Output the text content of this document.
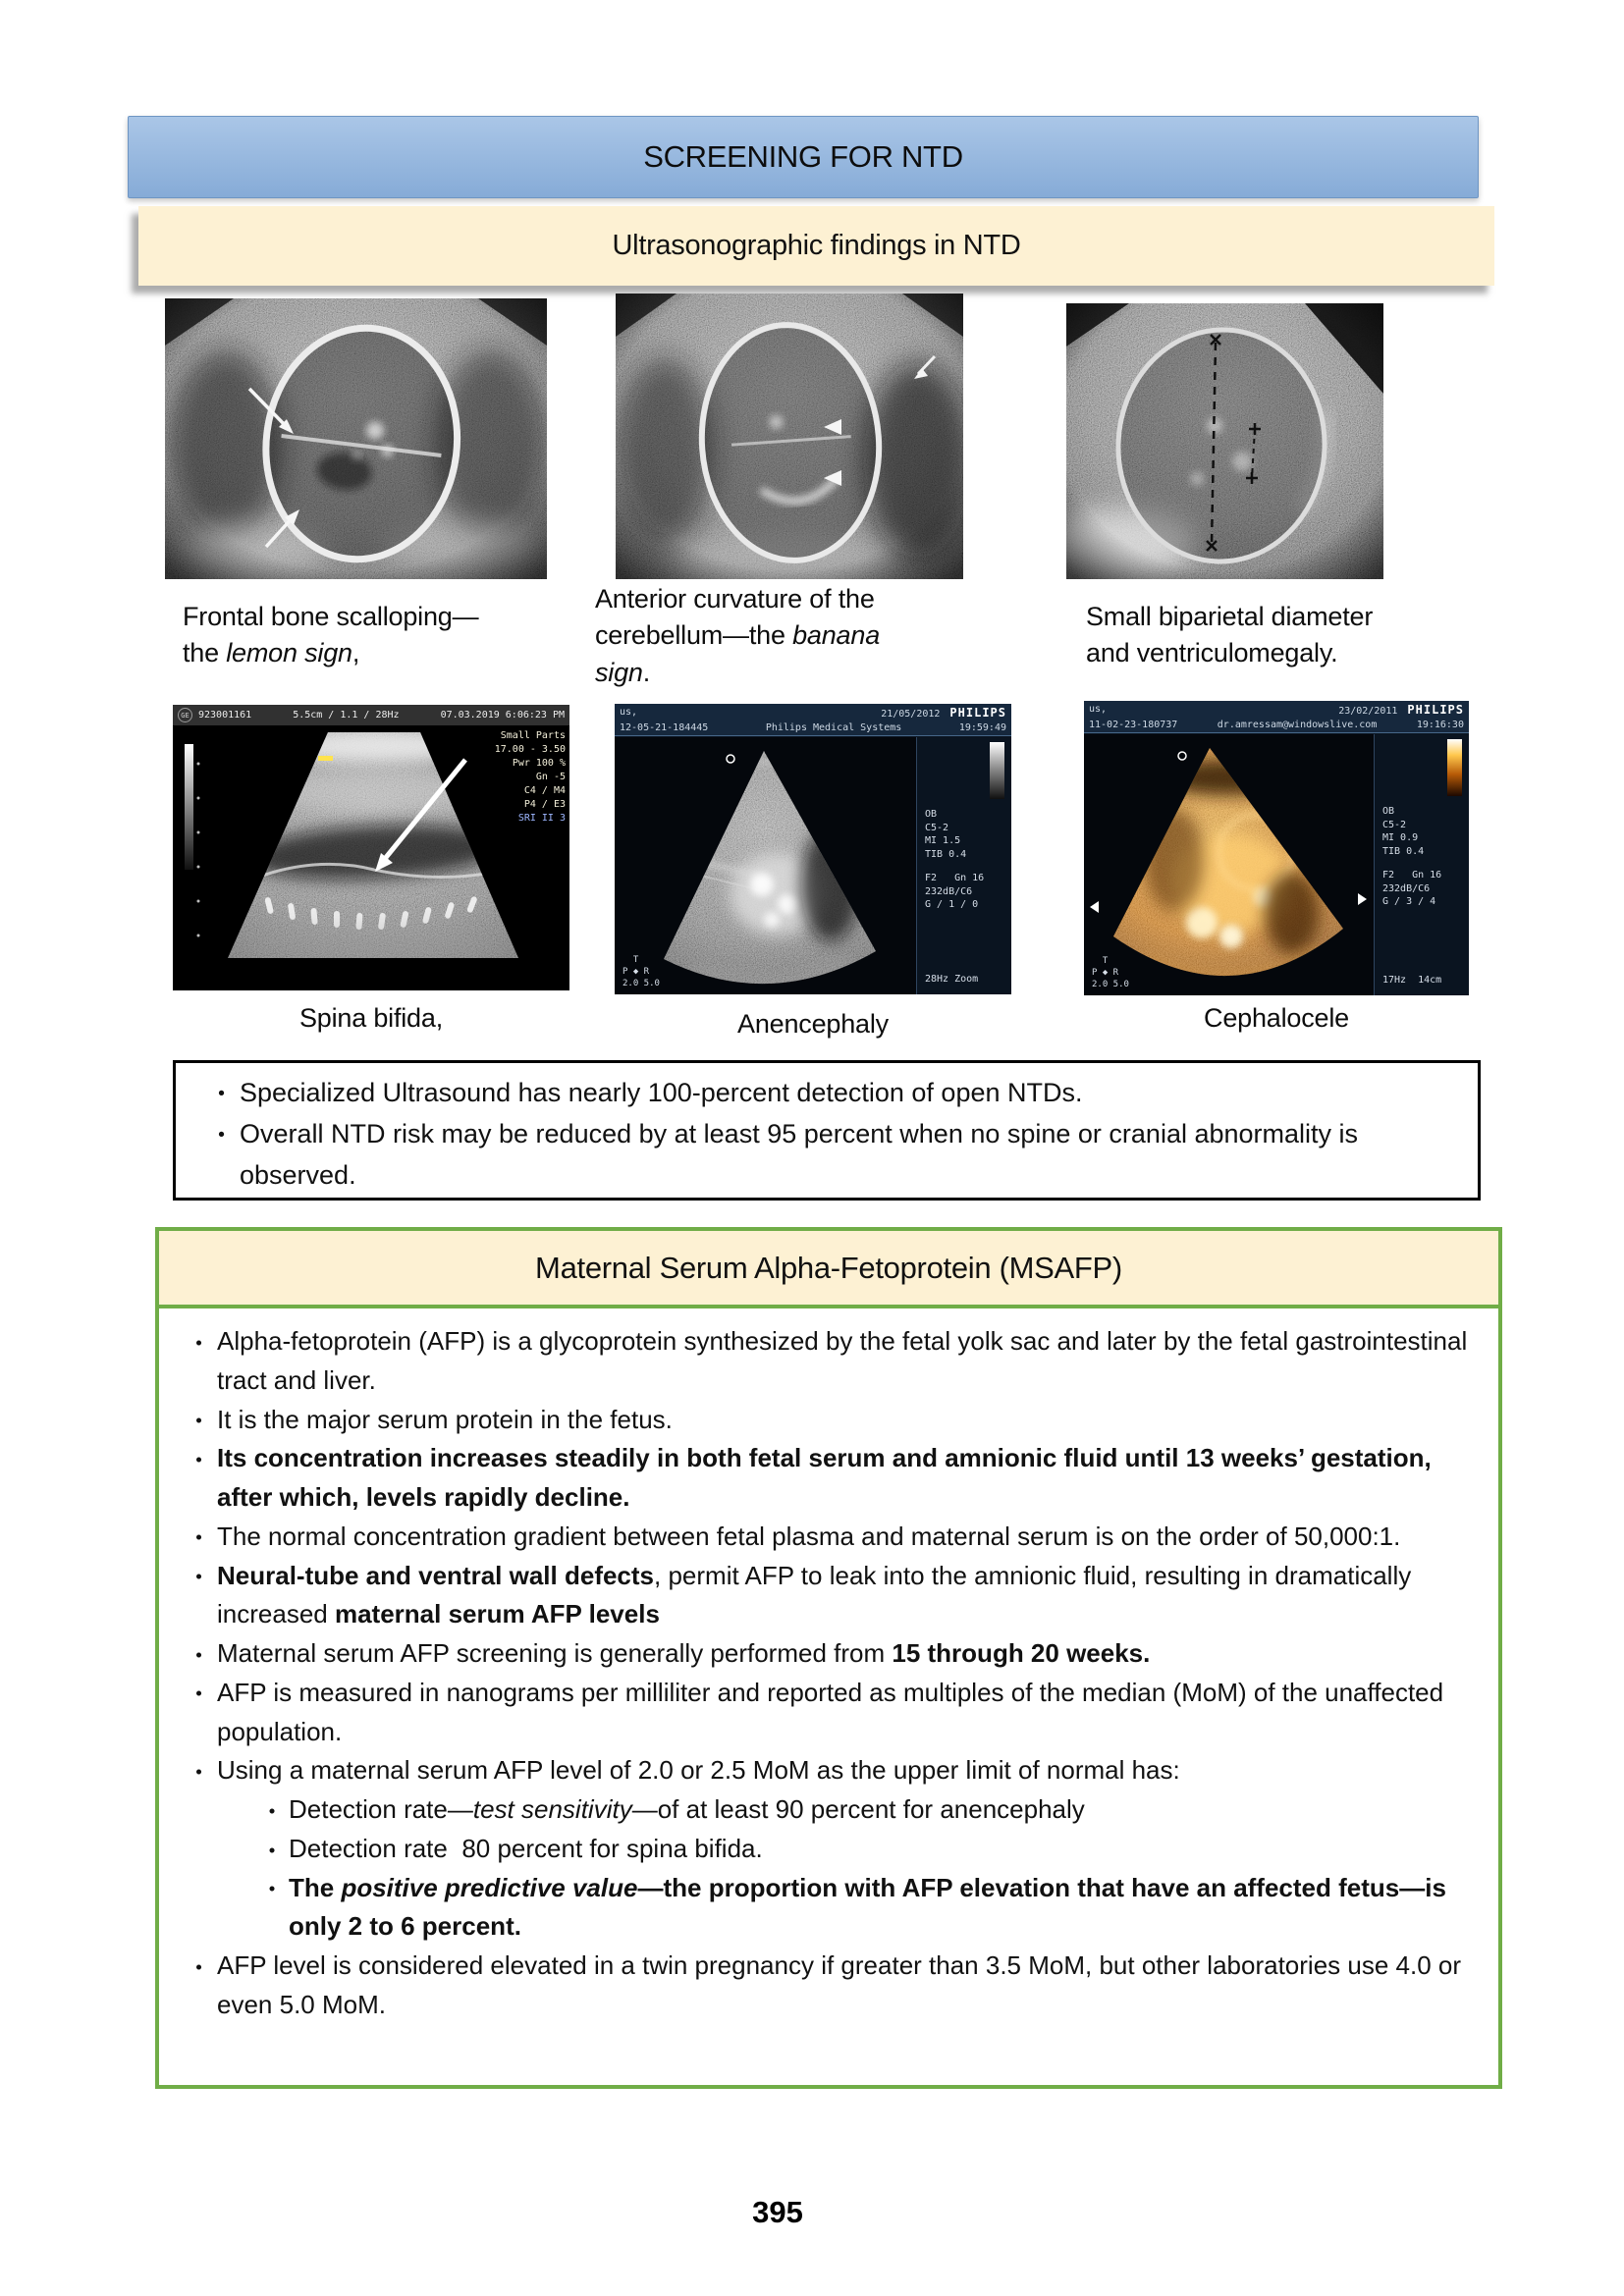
SCREENING FOR NTD
Ultrasonographic findings in NTD
Frontal bone scalloping—
the lemon sign,
Anterior curvature of the
cerebellum—the banana
sign.
Small biparietal diameter
and ventriculomegaly.
GE 923001161	5.5cm / 1.1 / 28Hz	07.03.2019 6:06:23 PM
Small Parts
17.00 - 3.50
Pwr 100 %
Gn -5
C4 / M4
P4 / E3
SRI II 3
us,	21/05/2012 PHILIPS
12-05-21-184445	Philips Medical Systems	19:59:49
OB
C5-2
MI 1.5
TIB 0.4
F2   Gn 16
232dB/C6
G / 1 / 0
28Hz Zoom
T
P ◆ R
2.0 5.0
us,	23/02/2011 PHILIPS
11-02-23-180737	dr.amressam@windowslive.com	19:16:30
OB
C5-2
MI 0.9
TIB 0.4
F2   Gn 16
232dB/C6
G / 3 / 4
17Hz  14cm
T
P ◆ R
2.0 5.0
Spina bifida,	Anencephaly	Cephalocele
• Specialized Ultrasound has nearly 100-percent detection of open NTDs.
• Overall NTD risk may be reduced by at least 95 percent when no spine or cranial abnormality is observed.
Maternal Serum Alpha-Fetoprotein (MSAFP)
• Alpha-fetoprotein (AFP) is a glycoprotein synthesized by the fetal yolk sac and later by the fetal gastrointestinal tract and liver.
• It is the major serum protein in the fetus.
• Its concentration increases steadily in both fetal serum and amnionic fluid until 13 weeks’ gestation, after which, levels rapidly decline.
• The normal concentration gradient between fetal plasma and maternal serum is on the order of 50,000:1.
• Neural-tube and ventral wall defects, permit AFP to leak into the amnionic fluid, resulting in dramatically increased maternal serum AFP levels
• Maternal serum AFP screening is generally performed from 15 through 20 weeks.
• AFP is measured in nanograms per milliliter and reported as multiples of the median (MoM) of the unaffected population.
• Using a maternal serum AFP level of 2.0 or 2.5 MoM as the upper limit of normal has:
• Detection rate—test sensitivity—of at least 90 percent for anencephaly
• Detection rate  80 percent for spina bifida.
• The positive predictive value—the proportion with AFP elevation that have an affected fetus—is only 2 to 6 percent.
• AFP level is considered elevated in a twin pregnancy if greater than 3.5 MoM, but other laboratories use 4.0 or even 5.0 MoM.
395
